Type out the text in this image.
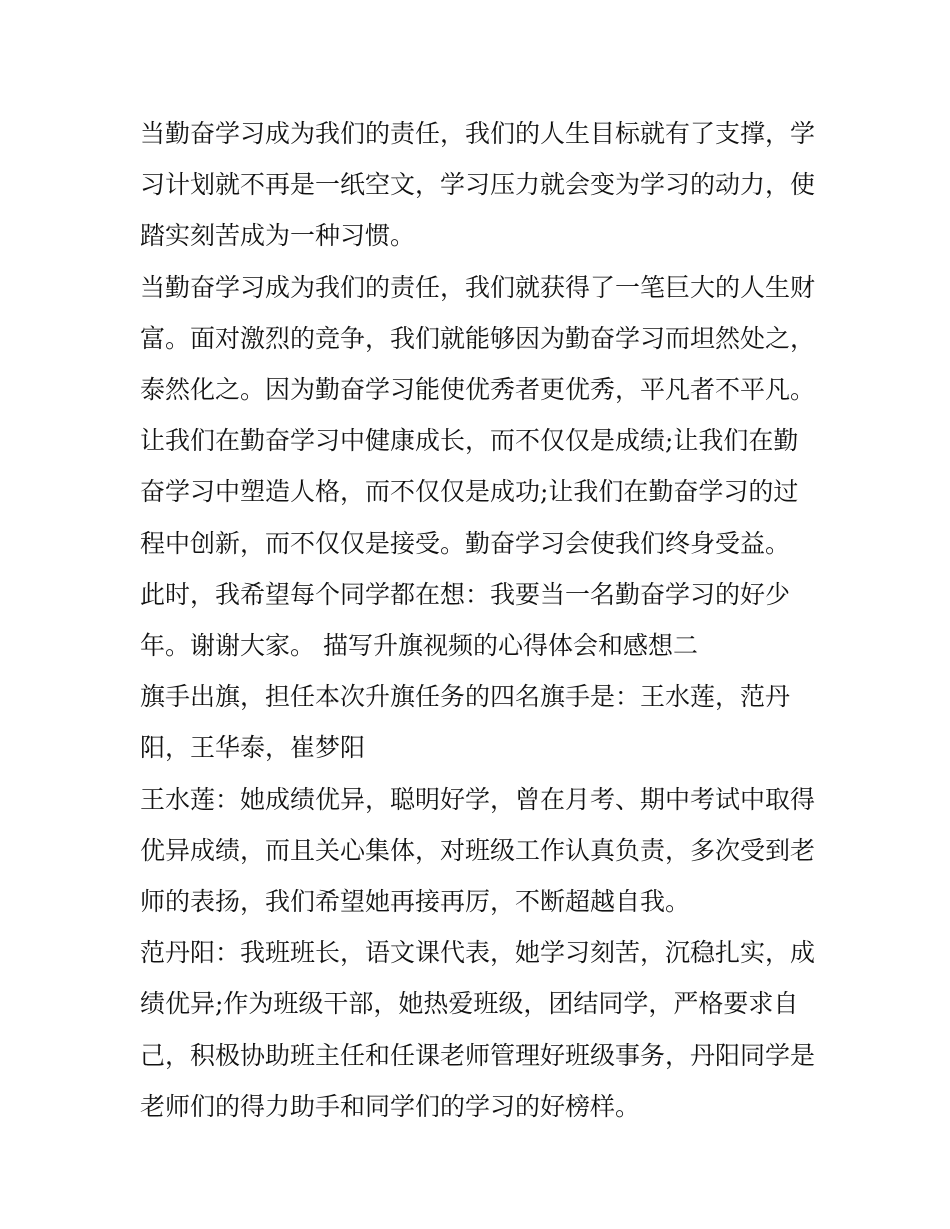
当勤奋学习成为我们的责任，我们的人生目标就有了支撑，学习计划就不再是一纸空文，学习压力就会变为学习的动力，使踏实刻苦成为一种习惯。

当勤奋学习成为我们的责任，我们就获得了一笔巨大的人生财富。面对激烈的竞争，我们就能够因为勤奋学习而坦然处之，泰然化之。因为勤奋学习能使优秀者更优秀，平凡者不平凡。让我们在勤奋学习中健康成长，而不仅仅是成绩;让我们在勤奋学习中塑造人格，而不仅仅是成功;让我们在勤奋学习的过程中创新，而不仅仅是接受。勤奋学习会使我们终身受益。

此时，我希望每个同学都在想：我要当一名勤奋学习的好少年。谢谢大家。 描写升旗视频的心得体会和感想二

旗手出旗，担任本次升旗任务的四名旗手是：王水莲，范丹阳，王华泰，崔梦阳

王水莲：她成绩优异，聪明好学，曾在月考、期中考试中取得优异成绩，而且关心集体，对班级工作认真负责，多次受到老师的表扬，我们希望她再接再厉，不断超越自我。

范丹阳：我班班长，语文课代表，她学习刻苦，沉稳扎实，成绩优异;作为班级干部，她热爱班级，团结同学，严格要求自己，积极协助班主任和任课老师管理好班级事务，丹阳同学是老师们的得力助手和同学们的学习的好榜样。
